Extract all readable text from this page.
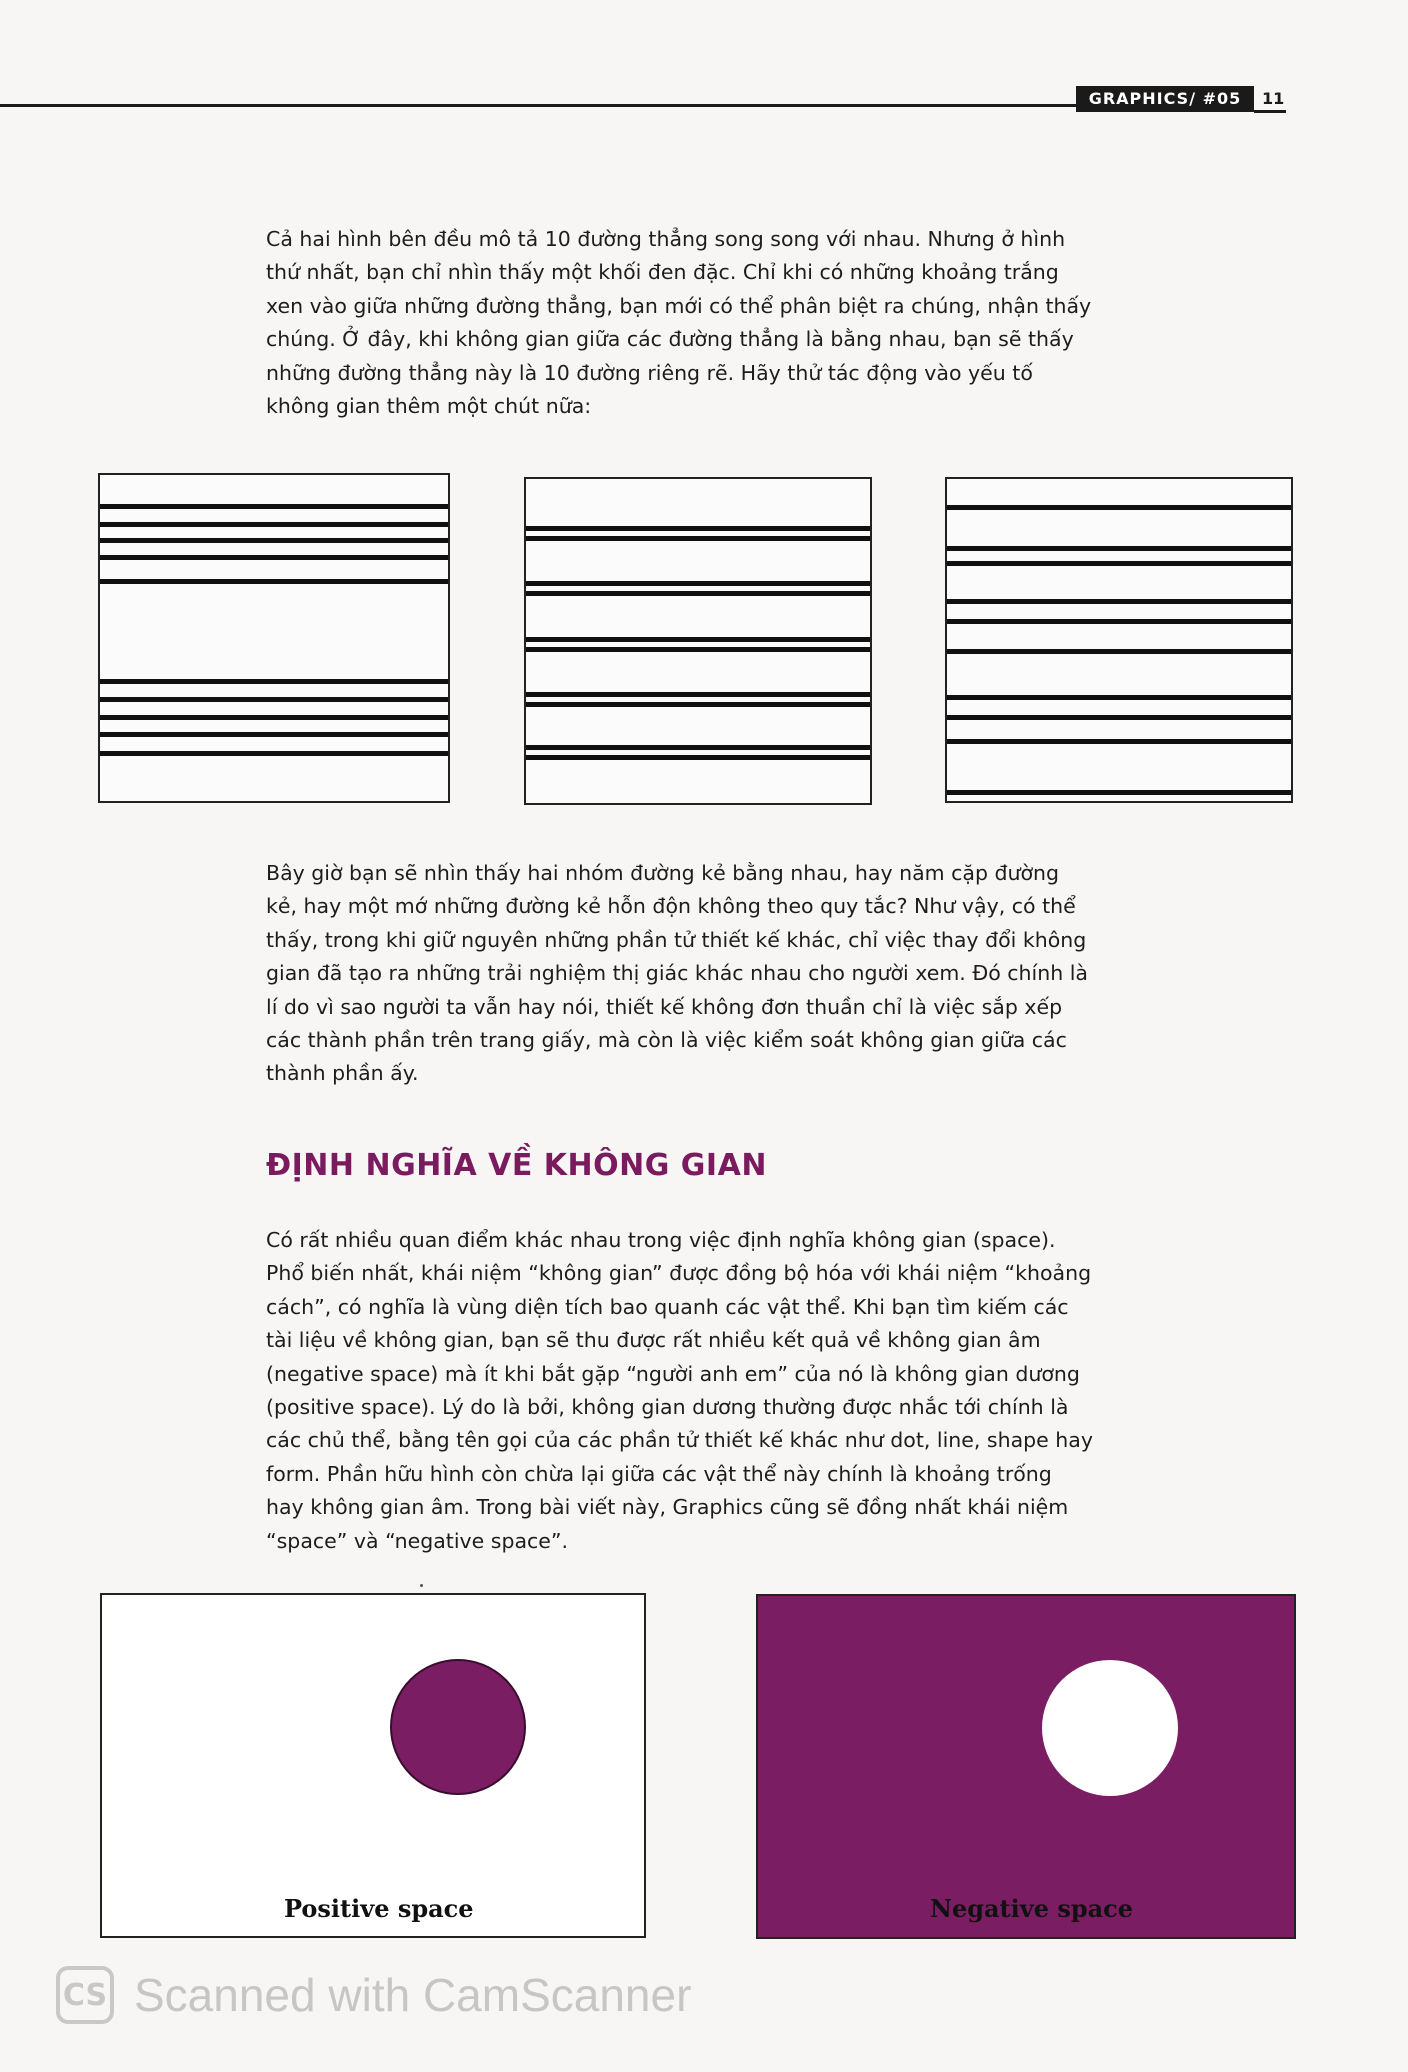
GRAPHICS/ #05	11

Cả hai hình bên đều mô tả 10 đường thẳng song song với nhau. Nhưng ở hình thứ nhất, bạn chỉ nhìn thấy một khối đen đặc. Chỉ khi có những khoảng trắng xen vào giữa những đường thẳng, bạn mới có thể phân biệt ra chúng, nhận thấy chúng. Ở đây, khi không gian giữa các đường thẳng là bằng nhau, bạn sẽ thấy những đường thẳng này là 10 đường riêng rẽ. Hãy thử tác động vào yếu tố không gian thêm một chút nữa:

Bây giờ bạn sẽ nhìn thấy hai nhóm đường kẻ bằng nhau, hay năm cặp đường kẻ, hay một mớ những đường kẻ hỗn độn không theo quy tắc? Như vậy, có thể thấy, trong khi giữ nguyên những phần tử thiết kế khác, chỉ việc thay đổi không gian đã tạo ra những trải nghiệm thị giác khác nhau cho người xem. Đó chính là lí do vì sao người ta vẫn hay nói, thiết kế không đơn thuần chỉ là việc sắp xếp các thành phần trên trang giấy, mà còn là việc kiểm soát không gian giữa các thành phần ấy.

ĐỊNH NGHĨA VỀ KHÔNG GIAN

Có rất nhiều quan điểm khác nhau trong việc định nghĩa không gian (space). Phổ biến nhất, khái niệm “không gian” được đồng bộ hóa với khái niệm “khoảng cách”, có nghĩa là vùng diện tích bao quanh các vật thể. Khi bạn tìm kiếm các tài liệu về không gian, bạn sẽ thu được rất nhiều kết quả về không gian âm (negative space) mà ít khi bắt gặp “người anh em” của nó là không gian dương (positive space). Lý do là bởi, không gian dương thường được nhắc tới chính là các chủ thể, bằng tên gọi của các phần tử thiết kế khác như dot, line, shape hay form. Phần hữu hình còn chừa lại giữa các vật thể này chính là khoảng trống hay không gian âm. Trong bài viết này, Graphics cũng sẽ đồng nhất khái niệm “space” và “negative space”.

Positive space	Negative space

CS Scanned with CamScanner
